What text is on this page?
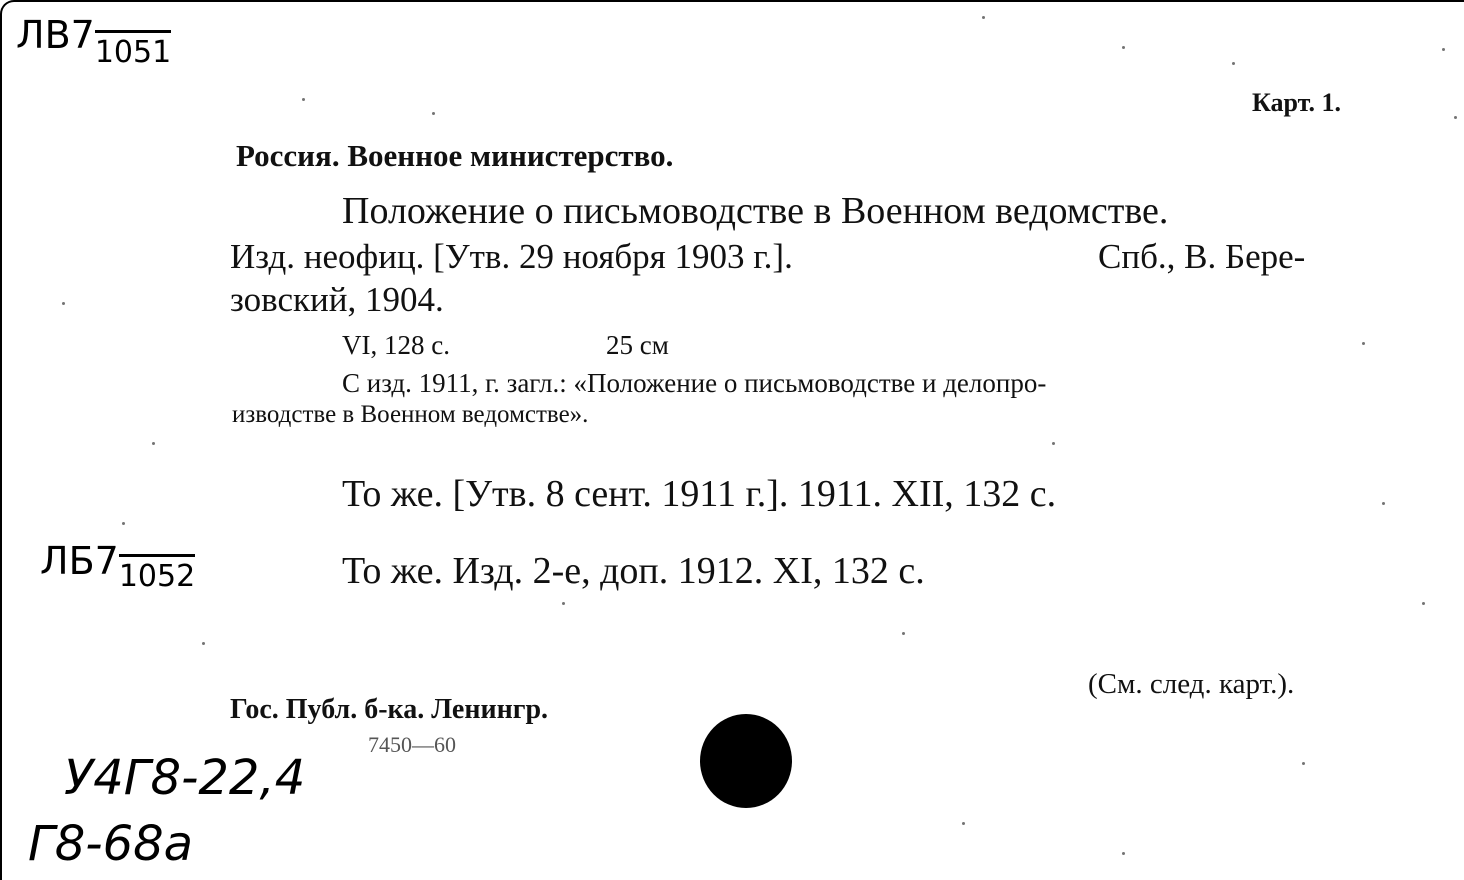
$ЛВ7_{1051}$
Карт. 1.
Россия. Военное министерство.
Положение о письмоводстве в Военном ведомстве.
Изд. неофиц. [Утв. 29 ноября 1903 г.].	Спб., В. Бере-
зовский, 1904.
VI, 128 с.	25 см
С изд. 1911, г. загл.: «Положение о письмоводстве и делопро-
изводстве в Военном ведомстве».
То же. [Утв. 8 сент. 1911 г.]. 1911. XII, 132 с.
$ЛБ7_{1052}$	То же. Изд. 2-е, доп. 1912. XI, 132 с.
(См. след. карт.).
Гос. Публ. б-ка. Ленингр.
7450—60
У4Г8-22,4
Г8-68а
